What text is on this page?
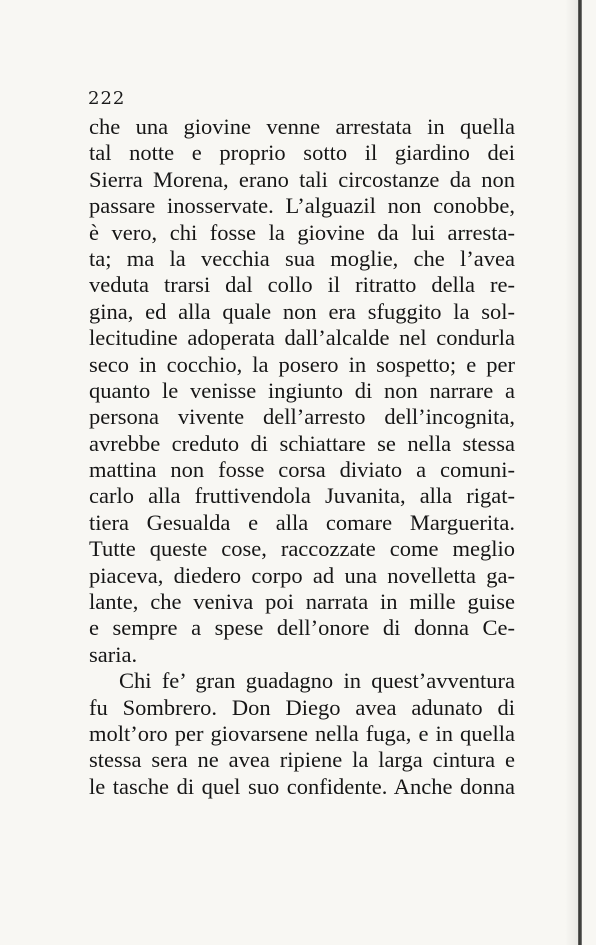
222
che una giovine venne arrestata in quella
tal notte e proprio sotto il giardino dei
Sierra Morena, erano tali circostanze da non
passare inosservate. L’alguazil non conobbe,
è vero, chi fosse la giovine da lui arresta-
ta; ma la vecchia sua moglie, che l’avea
veduta trarsi dal collo il ritratto della re-
gina, ed alla quale non era sfuggito la sol-
lecitudine adoperata dall’alcalde nel condurla
seco in cocchio, la posero in sospetto; e per
quanto le venisse ingiunto di non narrare a
persona vivente dell’arresto dell’incognita,
avrebbe creduto di schiattare se nella stessa
mattina non fosse corsa diviato a comuni-
carlo alla fruttivendola Juvanita, alla rigat-
tiera Gesualda e alla comare Marguerita.
Tutte queste cose, raccozzate come meglio
piaceva, diedero corpo ad una novelletta ga-
lante, che veniva poi narrata in mille guise
e sempre a spese dell’onore di donna Ce-
saria.
Chi fe’ gran guadagno in quest’avventura
fu Sombrero. Don Diego avea adunato di
molt’oro per giovarsene nella fuga, e in quella
stessa sera ne avea ripiene la larga cintura e
le tasche di quel suo confidente. Anche donna
